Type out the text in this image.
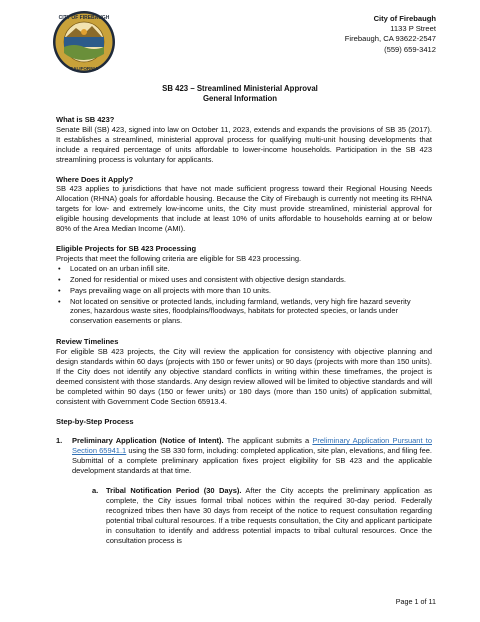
CITY OF FIREBAUGH
CALIFORNIA
City of Firebaugh
1133 P Street
Firebaugh, CA 93622-2547
(559) 659-3412
SB 423 – Streamlined Ministerial Approval
General Information

What is SB 423?

Senate Bill (SB) 423, signed into law on October 11, 2023, extends and expands the provisions of SB 35 (2017). It establishes a streamlined, ministerial approval process for qualifying multi-unit housing developments that include a required percentage of units affordable to lower-income households. Participation in the SB 423 streamlining process is voluntary for applicants.

Where Does it Apply?

SB 423 applies to jurisdictions that have not made sufficient progress toward their Regional Housing Needs Allocation (RHNA) goals for affordable housing. Because the City of Firebaugh is currently not meeting its RHNA targets for low- and extremely low-income units, the City must provide streamlined, ministerial approval for eligible housing developments that include at least 10% of units affordable to households earning at or below 80% of the Area Median Income (AMI).

Eligible Projects for SB 423 Processing

Projects that meet the following criteria are eligible for SB 423 processing.

• Located on an urban infill site.
• Zoned for residential or mixed uses and consistent with objective design standards.
• Pays prevailing wage on all projects with more than 10 units.
• Not located on sensitive or protected lands, including farmland, wetlands, very high fire hazard severity zones, hazardous waste sites, floodplains/floodways, habitats for protected species, or lands under conservation easements or plans.

Review Timelines

For eligible SB 423 projects, the City will review the application for consistency with objective planning and design standards within 60 days (projects with 150 or fewer units) or 90 days (projects with more than 150 units). If the City does not identify any objective standard conflicts in writing within these timeframes, the project is deemed consistent with those standards. Any design review allowed will be limited to objective standards and will be completed within 90 days (150 or fewer units) or 180 days (more than 150 units) of application submittal, consistent with Government Code Section 65913.4.

Step-by-Step Process

1. Preliminary Application (Notice of Intent). The applicant submits a Preliminary Application Pursuant to Section 65941.1 using the SB 330 form, including: completed application, site plan, elevations, and filing fee. Submittal of a complete preliminary application fixes project eligibility for SB 423 and the applicable development standards at that time.
a. Tribal Notification Period (30 Days). After the City accepts the preliminary application as complete, the City issues formal tribal notices within the required 30-day period. Federally recognized tribes then have 30 days from receipt of the notice to request consultation regarding potential tribal cultural resources. If a tribe requests consultation, the City and applicant participate in consultation to identify and address potential impacts to tribal cultural resources. Once the consultation process is
Page 1 of 11
